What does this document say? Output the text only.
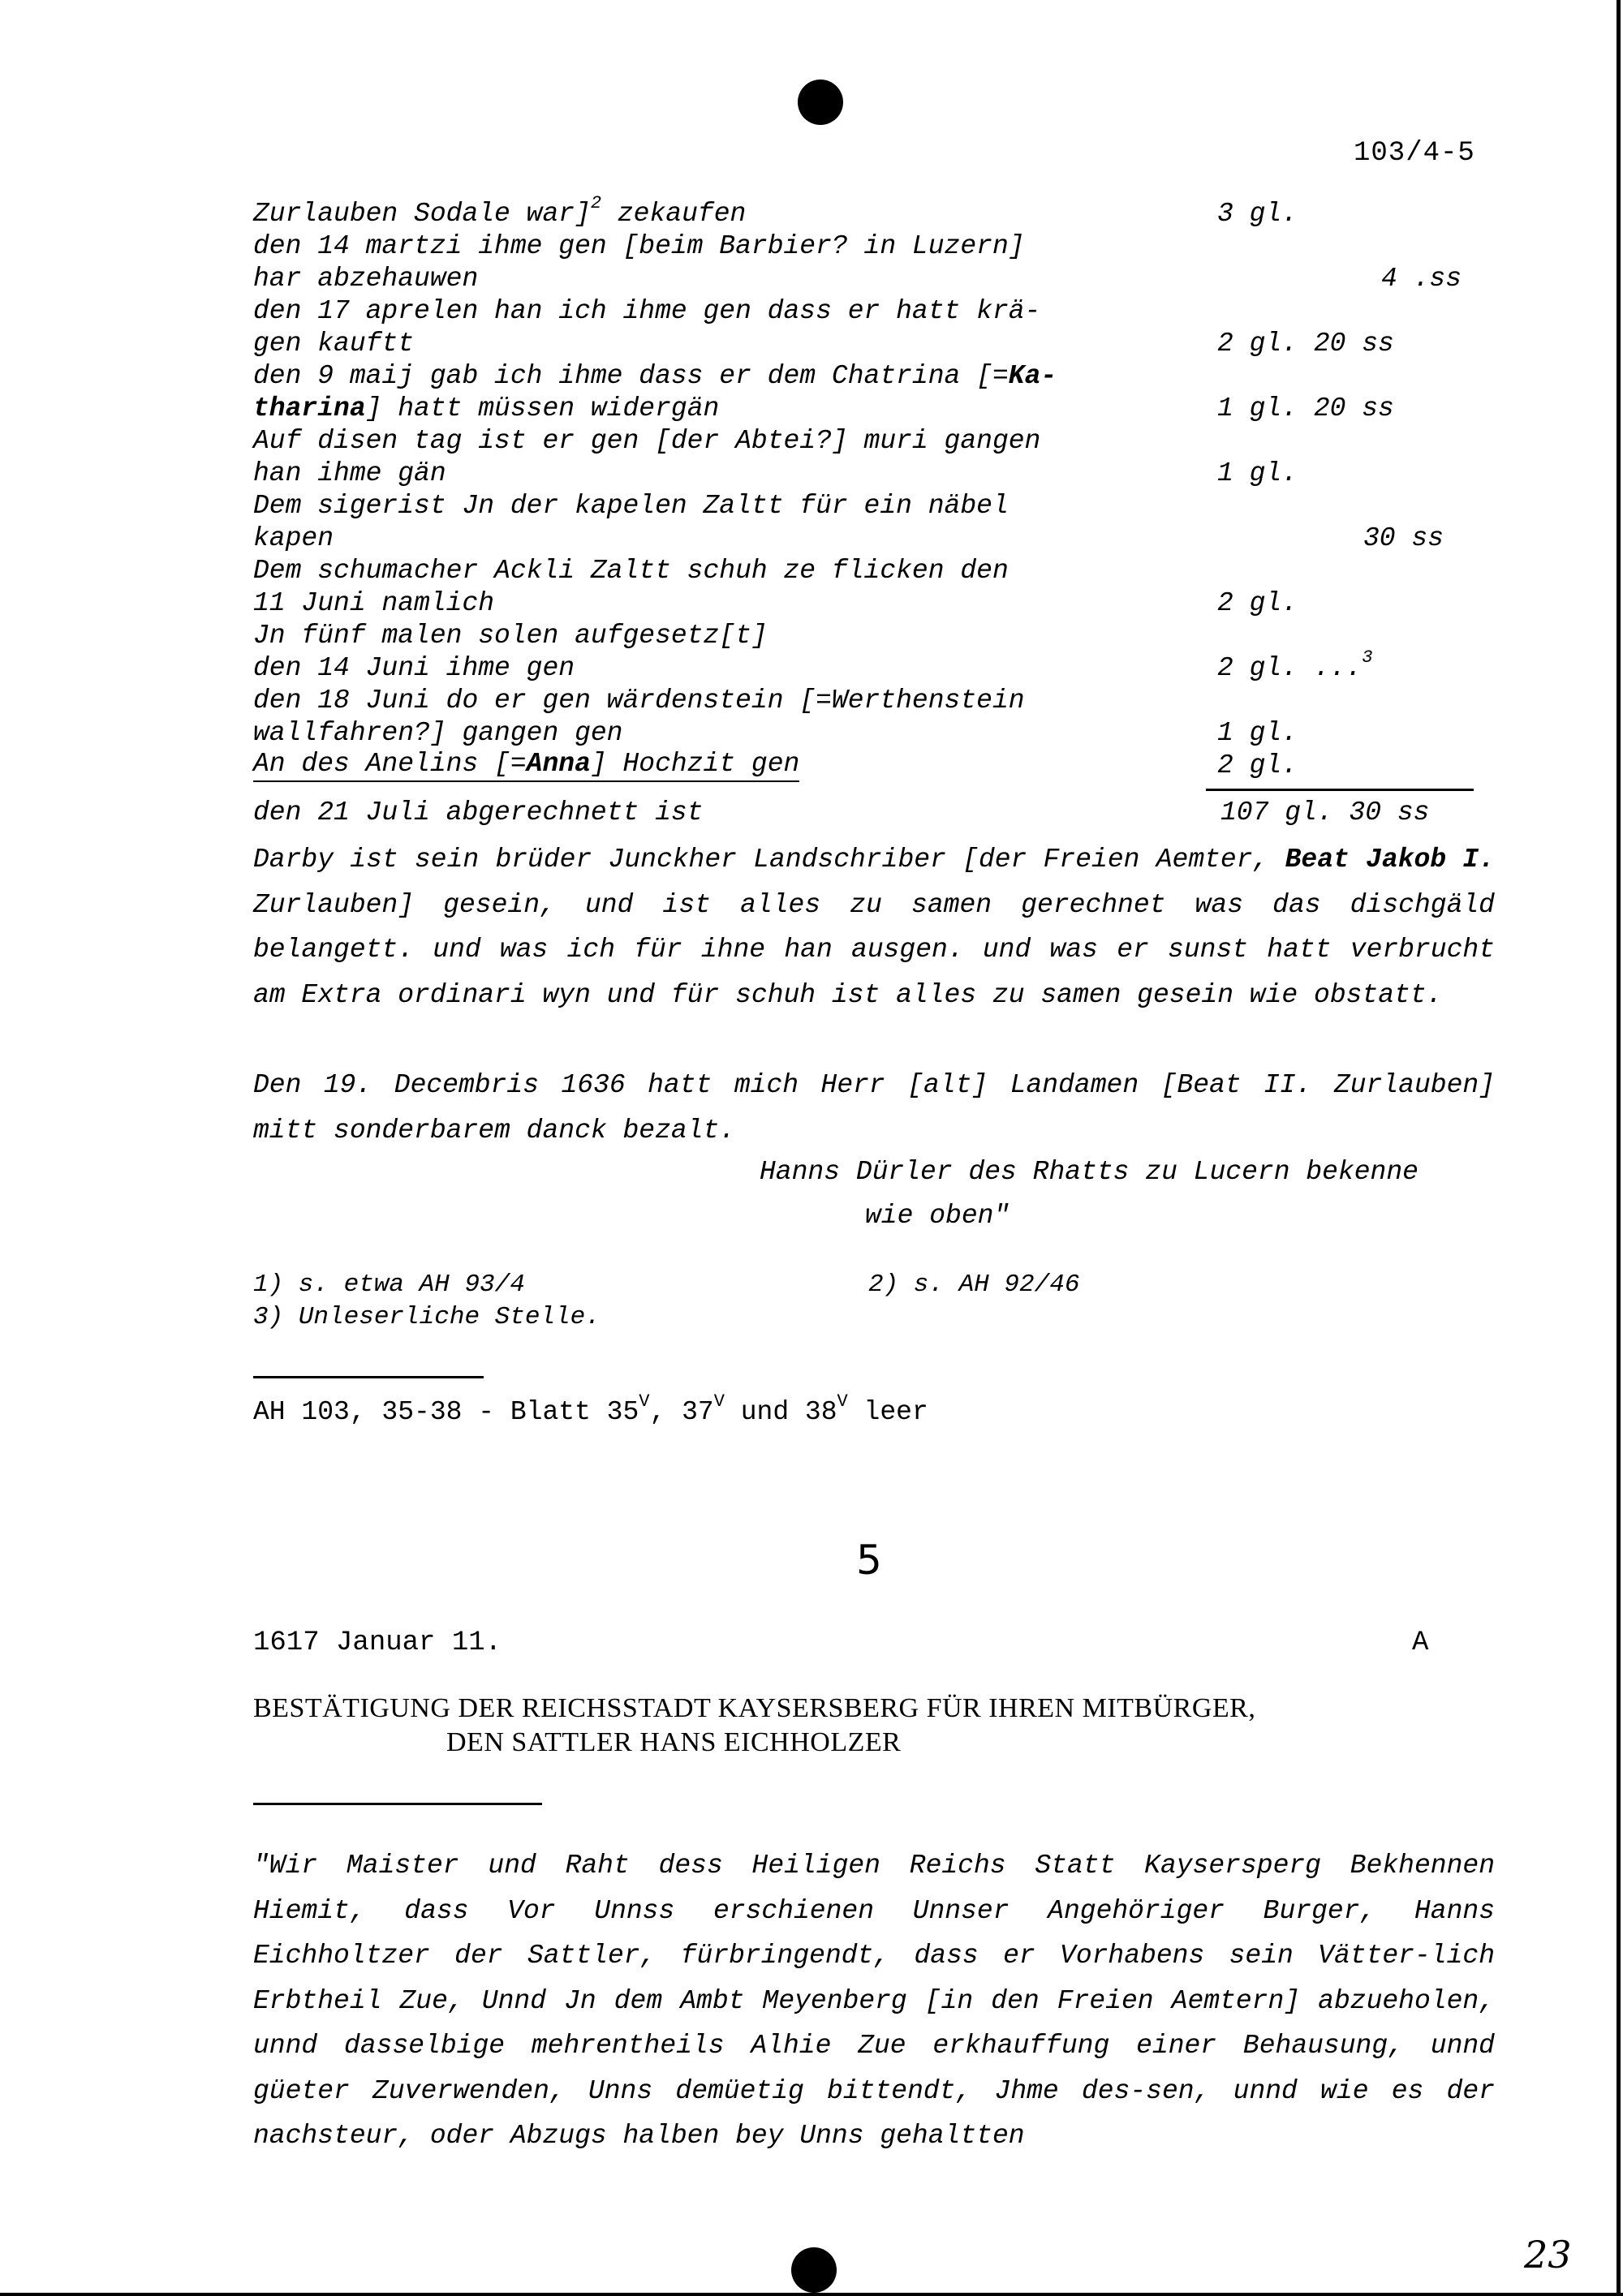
103/4-5
Zurlauben Sodale war]$^2$ zekaufen	3 gl.
den 14 martzi ihme gen [beim Barbier? in Luzern]
har abzehauwen	4 .ss
den 17 aprelen han ich ihme gen dass er hatt krä-
gen kauftt	2 gl. 20 ss
den 9 maij gab ich ihme dass er dem Chatrina [=Ka-
tharina] hatt müssen widergän	1 gl. 20 ss
Auf disen tag ist er gen [der Abtei?] muri gangen
han ihme gän	1 gl.
Dem sigerist Jn der kapelen Zaltt für ein näbel
kapen	30 ss
Dem schumacher Ackli Zaltt schuh ze flicken den
11 Juni namlich	2 gl.
Jn fünf malen solen aufgesetz[t]
den 14 Juni ihme gen	2 gl. ...$^3$
den 18 Juni do er gen wärdenstein [=Werthenstein
wallfahren?] gangen gen	1 gl.
An des Anelins [=Anna] Hochzit gen	2 gl.
den 21 Juli abgerechnett ist	107 gl. 30 ss
Darby ist sein brüder Junckher Landschriber [der Freien Aemter, Beat Jakob I. Zurlauben] gesein, und ist alles zu samen gerechnet was das dischgäld belangett. und was ich für ihne han ausgen. und was er sunst hatt verbrucht am Extra ordinari wyn und für schuh ist alles zu samen gesein wie obstatt.
Den 19. Decembris 1636 hatt mich Herr [alt] Landamen [Beat II. Zurlauben] mitt sonderbarem danck bezalt.
Hanns Dürler des Rhatts zu Lucern bekenne
wie oben"
1) s. etwa AH 93/4	2) s. AH 92/46
3) Unleserliche Stelle.
AH 103, 35-38 - Blatt $35^V$, $37^V$ und $38^V$ leer
5
1617 Januar 11.	A
BESTÄTIGUNG DER REICHSSTADT KAYSERSBERG FÜR IHREN MITBÜRGER,
DEN SATTLER HANS EICHHOLZER
"Wir Maister und Raht dess Heiligen Reichs Statt Kaysersperg Bekhennen Hiemit, dass Vor Unnss erschienen Unnser Angehöriger Burger, Hanns Eichholtzer der Sattler, fürbringendt, dass er Vorhabens sein Vätter-lich Erbtheil Zue, Unnd Jn dem Ambt Meyenberg [in den Freien Aemtern] abzueholen, unnd dasselbige mehrentheils Alhie Zue erkhauffung einer Behausung, unnd güeter Zuverwenden, Unns demüetig bittendt, Jhme des-sen, unnd wie es der nachsteur, oder Abzugs halben bey Unns gehaltten
23
